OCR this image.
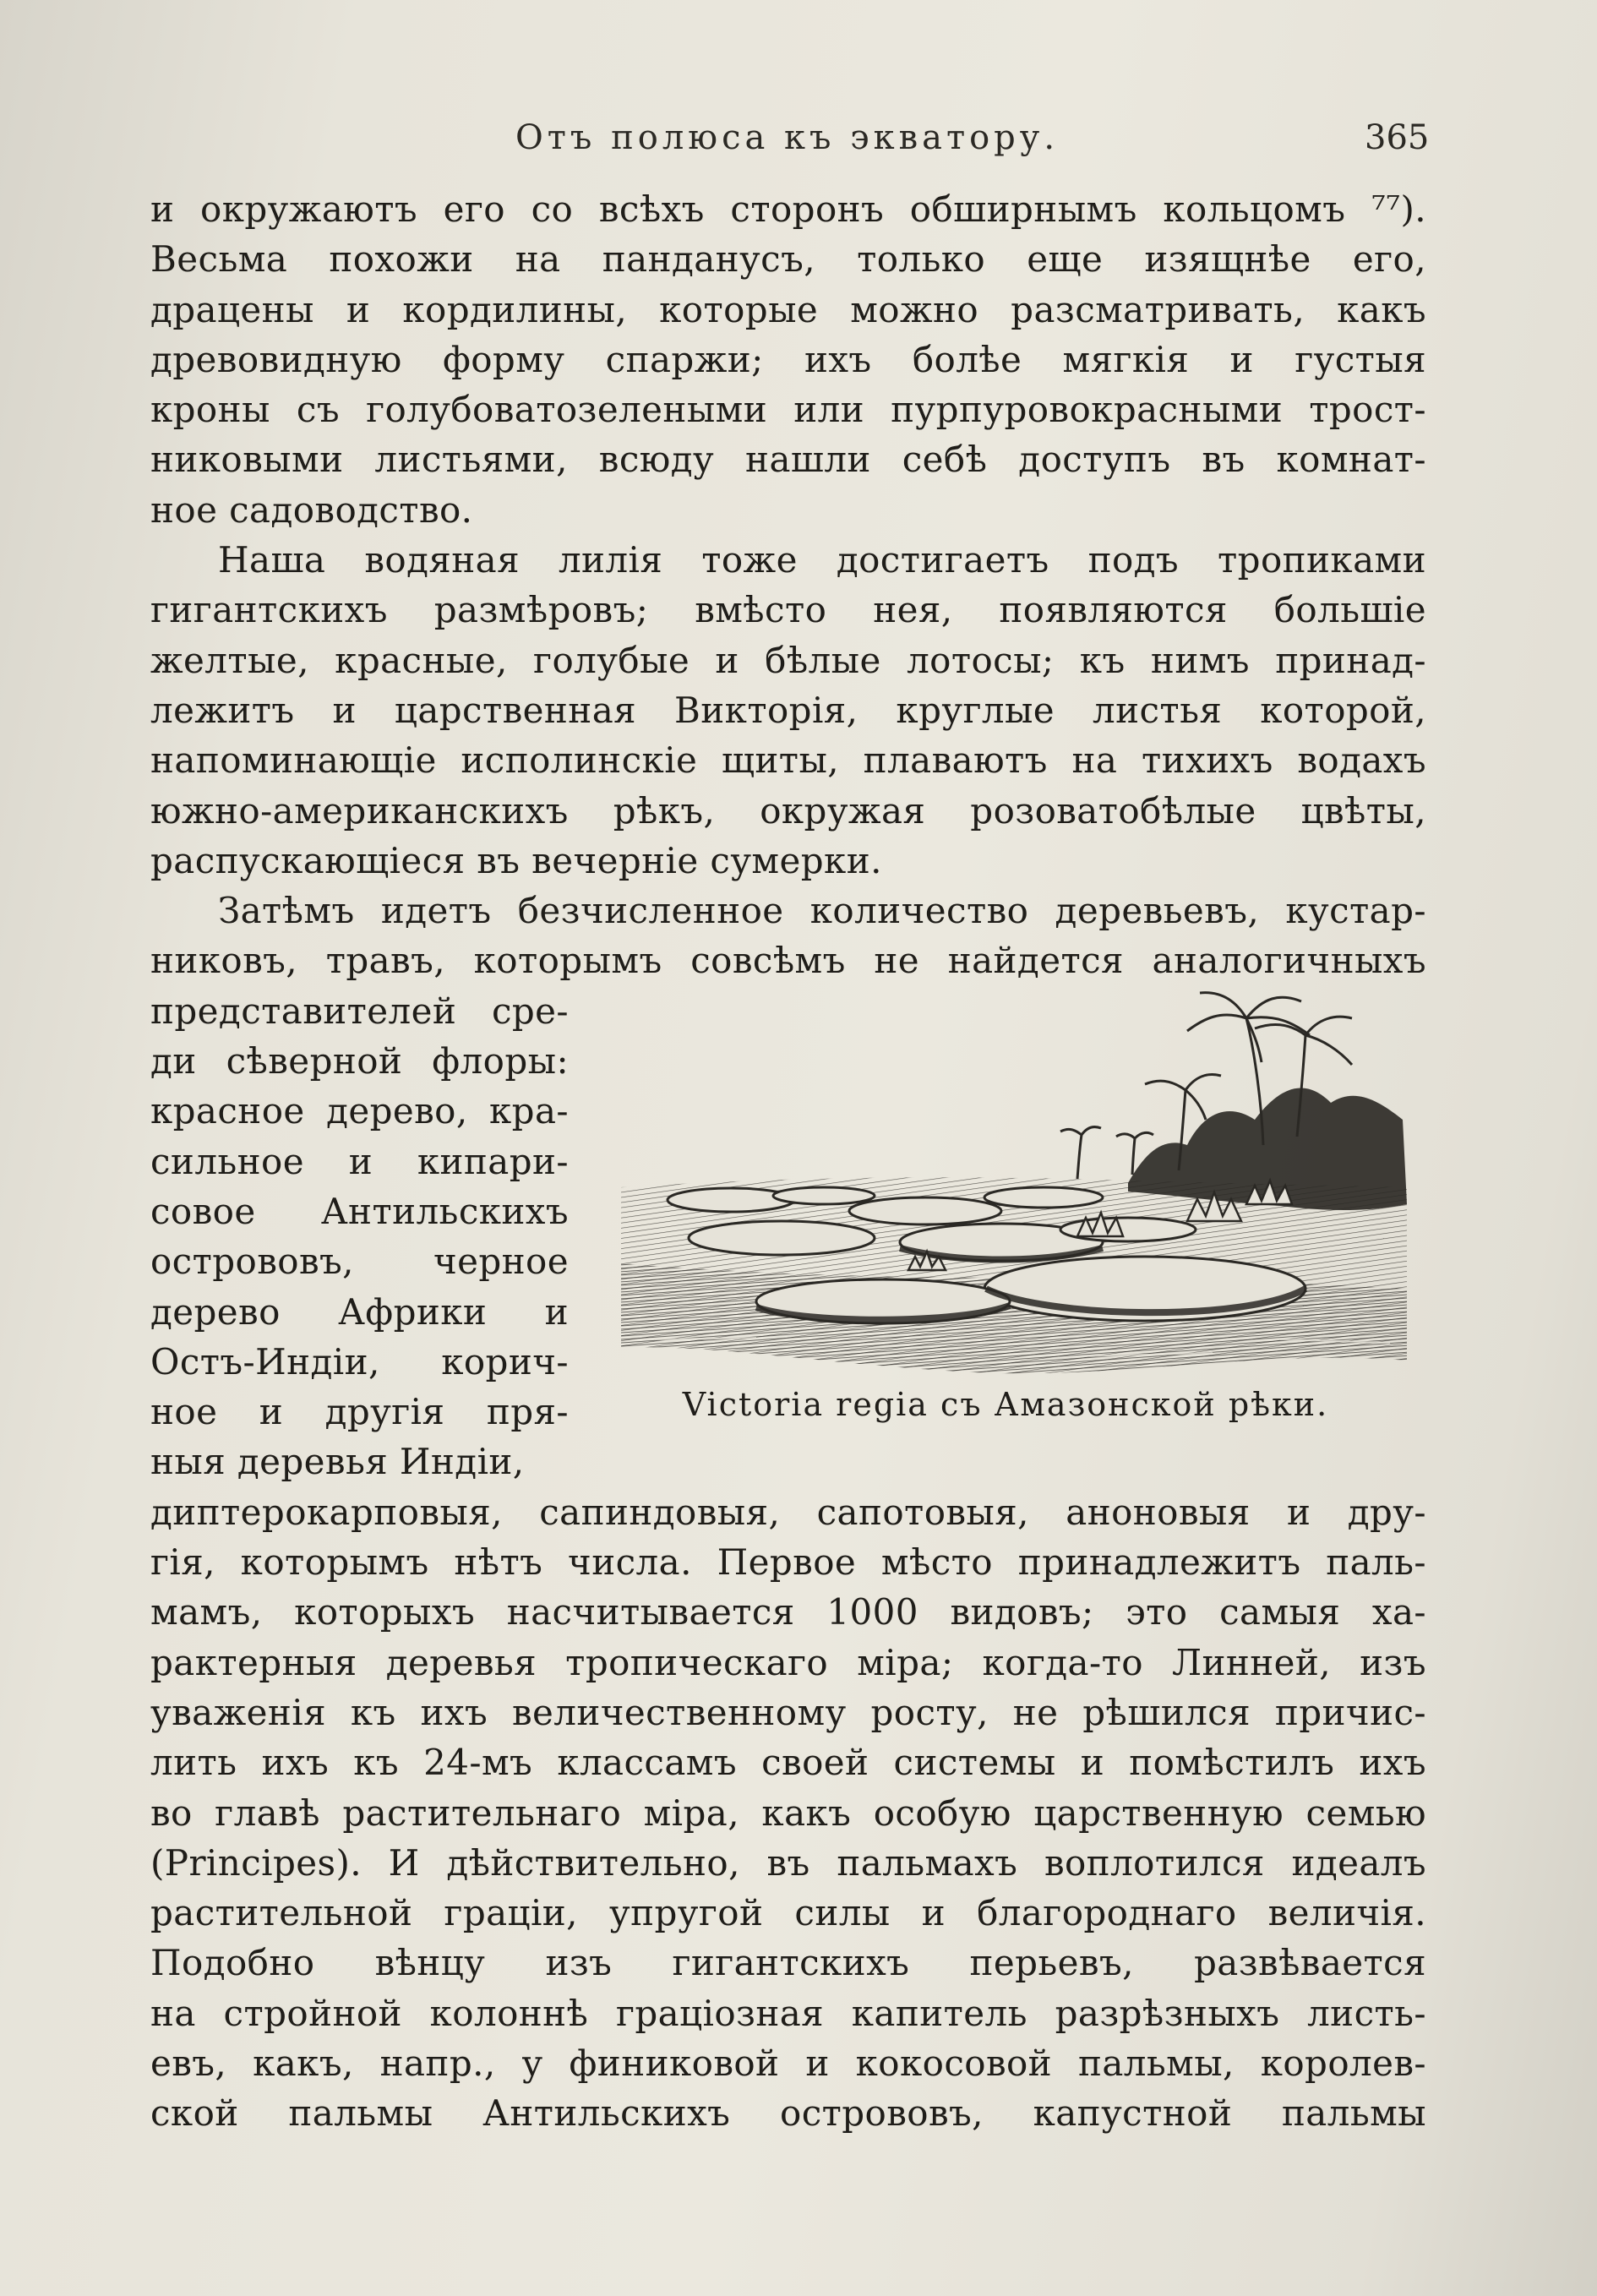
Отъ полюса къ экватору.	365
и окружаютъ его со всѣхъ сторонъ обширнымъ кольцомъ ⁷⁷).
Весьма похожи на пандануcъ, только еще изящнѣе его,
драцены и кордилины, которые можно разсматривать, какъ
древовидную форму спаржи; ихъ болѣе мягкія и густыя
кроны съ голубоватозелеными или пурпуровокрасными трост-
никовыми листьями, всюду нашли себѣ доступъ въ комнат-
ное садоводство.
Наша водяная лилія тоже достигаетъ подъ тропиками
гигантскихъ размѣровъ; вмѣсто нея, появляются большіе
желтые, красные, голубые и бѣлые лотосы; къ нимъ принад-
лежитъ и царственная Викторія, круглые листья которой,
напоминающіе исполинскіе щиты, плаваютъ на тихихъ водахъ
южно-американскихъ рѣкъ, окружая розоватобѣлые цвѣты,
распускающіеся въ вечерніе сумерки.
Затѣмъ идетъ безчисленное количество деревьевъ, кустар-
никовъ, травъ, которымъ совсѣмъ не найдется аналогичныхъ
представителей сре-
ди сѣверной флоры:
красное дерево, кра-
сильное и кипари-
совое Антильскихъ
острововъ, черное
дерево Африки и
Остъ-Индіи, корич-
ное и другія пря-
ныя деревья Индіи,
диптерокарповыя, сапиндовыя, сапотовыя, аноновыя и дру-
гія, которымъ нѣтъ числа. Первое мѣсто принадлежитъ паль-
мамъ, которыхъ насчитывается 1000 видовъ; это самыя ха-
рактерныя деревья тропическаго міра; когда-то Линней, изъ
уваженія къ ихъ величественному росту, не рѣшился причис-
лить ихъ къ 24-мъ классамъ своей системы и помѣстилъ ихъ
во главѣ растительнаго міра, какъ особую царственную семью
(Principes). И дѣйствительно, въ пальмахъ воплотился идеалъ
растительной граціи, упругой силы и благороднаго величія.
Подобно вѣнцу изъ гигантскихъ перьевъ, развѣвается
на стройной колоннѣ граціозная капитель разрѣзныхъ листь-
евъ, какъ, напр., у финиковой и кокосовой пальмы, королев-
ской пальмы Антильскихъ острововъ, капустной пальмы
Victoria regia съ Амазонской рѣки.
